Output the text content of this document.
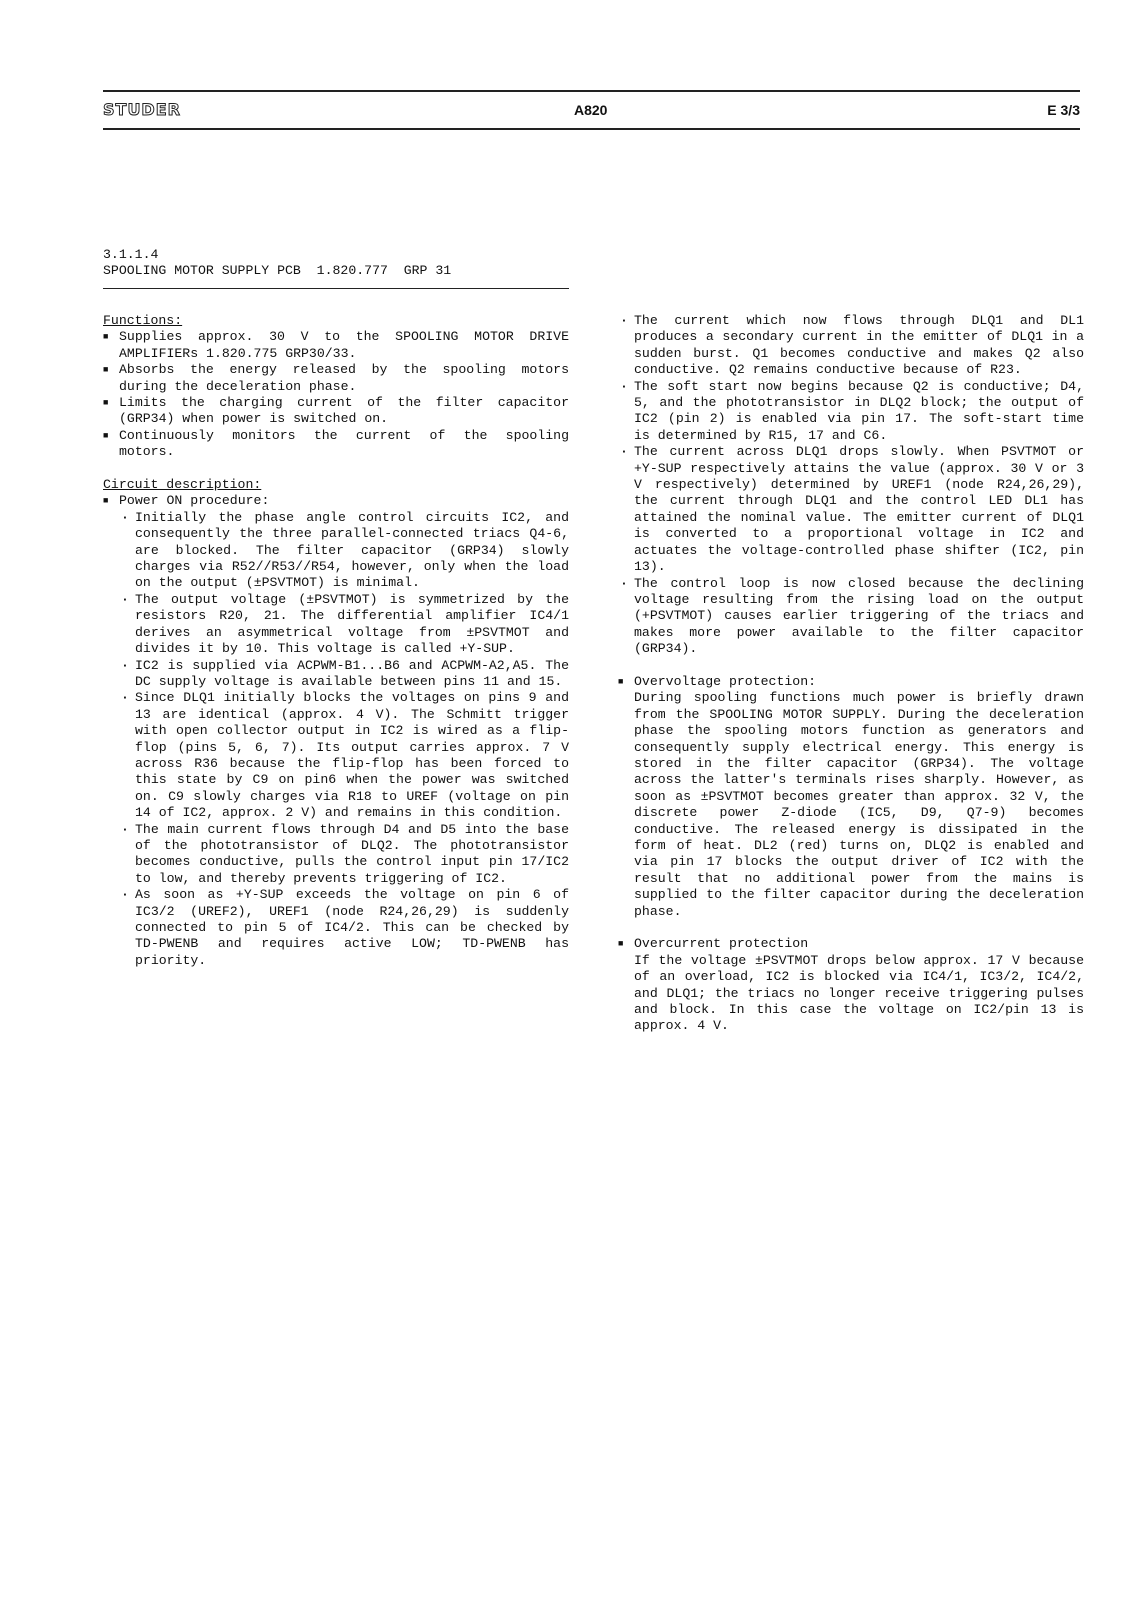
STUDER	A820	E 3/3
3.1.1.4
SPOOLING MOTOR SUPPLY PCB  1.820.777  GRP 31

Functions:

■ Supplies approx. 30 V to the SPOOLING MOTOR DRIVE AMPLIFIERs 1.820.775 GRP30/33.
■ Absorbs the energy released by the spooling motors during the deceleration phase.
■ Limits the charging current of the filter capacitor (GRP34) when power is switched on.
■ Continuously monitors the current of the spooling motors.

Circuit description:

■ Power ON procedure:
· Initially the phase angle control circuits IC2, and consequently the three parallel-connected triacs Q4-6, are blocked. The filter capacitor (GRP34) slowly charges via R52//R53//R54, however, only when the load on the output (±PSVTMOT) is minimal.
· The output voltage (±PSVTMOT) is symmetrized by the resistors R20, 21. The differential amplifier IC4/1 derives an asymmetrical voltage from ±PSVTMOT and divides it by 10. This voltage is called +Y-SUP.
· IC2 is supplied via ACPWM-B1...B6 and ACPWM-A2,A5. The DC supply voltage is available between pins 11 and 15.
· Since DLQ1 initially blocks the voltages on pins 9 and 13 are identical (approx. 4 V). The Schmitt trigger with open collector output in IC2 is wired as a flip-flop (pins 5, 6, 7). Its output carries approx. 7 V across R36 because the flip-flop has been forced to this state by C9 on pin6 when the power was switched on. C9 slowly charges via R18 to UREF (voltage on pin 14 of IC2, approx. 2 V) and remains in this condition.
· The main current flows through D4 and D5 into the base of the phototransistor of DLQ2. The phototransistor becomes conductive, pulls the control input pin 17/IC2 to low, and thereby prevents triggering of IC2.
· As soon as +Y-SUP exceeds the voltage on pin 6 of IC3/2 (UREF2), UREF1 (node R24,26,29) is suddenly connected to pin 5 of IC4/2. This can be checked by TD-PWENB and requires active LOW; TD-PWENB has priority.
· The current which now flows through DLQ1 and DL1 produces a secondary current in the emitter of DLQ1 in a sudden burst. Q1 becomes conductive and makes Q2 also conductive. Q2 remains conductive because of R23.
· The soft start now begins because Q2 is conductive; D4, 5, and the phototransistor in DLQ2 block; the output of IC2 (pin 2) is enabled via pin 17. The soft-start time is determined by R15, 17 and C6.
· The current across DLQ1 drops slowly. When PSVTMOT or +Y-SUP respectively attains the value (approx. 30 V or 3 V respectively) determined by UREF1 (node R24,26,29), the current through DLQ1 and the control LED DL1 has attained the nominal value. The emitter current of DLQ1 is converted to a proportional voltage in IC2 and actuates the voltage-controlled phase shifter (IC2, pin 13).
· The control loop is now closed because the declining voltage resulting from the rising load on the output (+PSVTMOT) causes earlier triggering of the triacs and makes more power available to the filter capacitor (GRP34).
■ Overvoltage protection:
During spooling functions much power is briefly drawn from the SPOOLING MOTOR SUPPLY. During the deceleration phase the spooling motors function as generators and consequently supply electrical energy. This energy is stored in the filter capacitor (GRP34). The voltage across the latter's terminals rises sharply. However, as soon as ±PSVTMOT becomes greater than approx. 32 V, the discrete power Z-diode (IC5, D9, Q7-9) becomes conductive. The released energy is dissipated in the form of heat. DL2 (red) turns on, DLQ2 is enabled and via pin 17 blocks the output driver of IC2 with the result that no additional power from the mains is supplied to the filter capacitor during the deceleration phase.
■ Overcurrent protection
If the voltage ±PSVTMOT drops below approx. 17 V because of an overload, IC2 is blocked via IC4/1, IC3/2, IC4/2, and DLQ1; the triacs no longer receive triggering pulses and block. In this case the voltage on IC2/pin 13 is approx. 4 V.
